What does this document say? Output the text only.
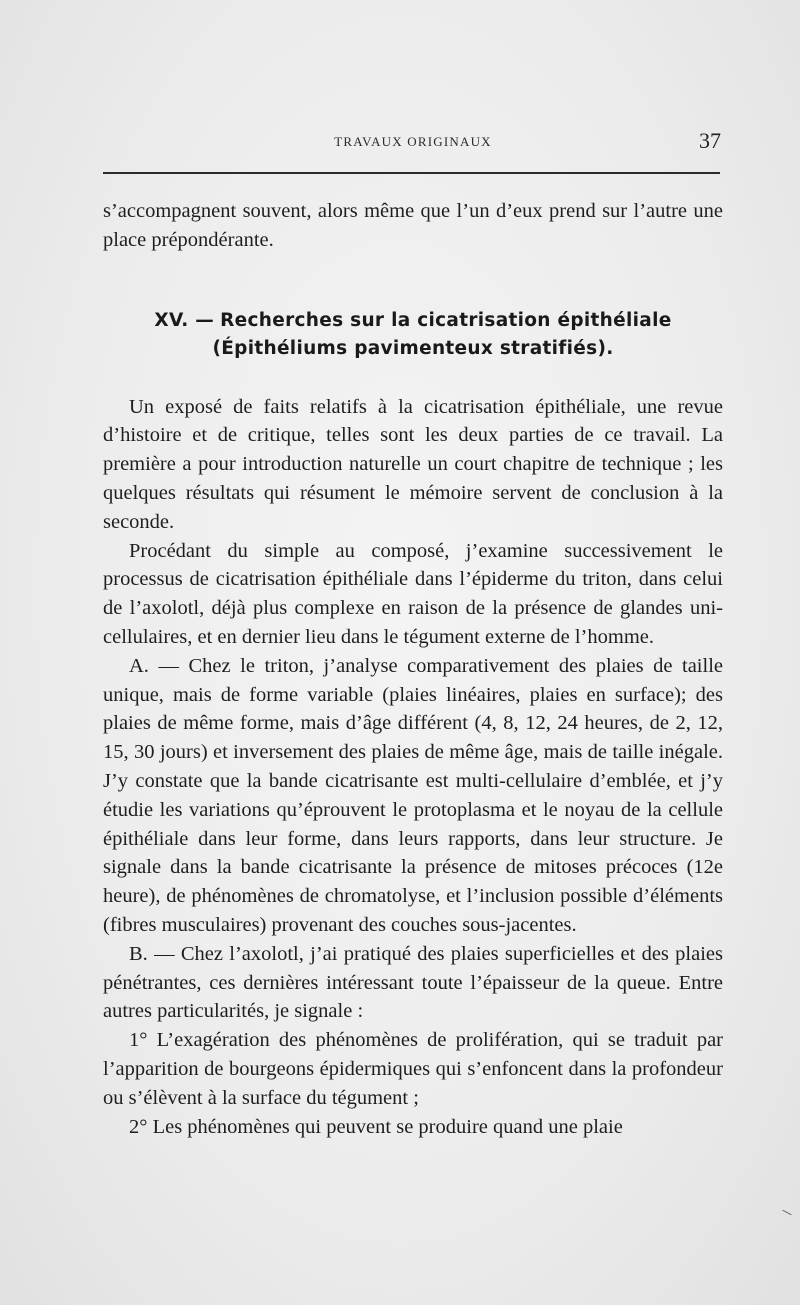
TRAVAUX ORIGINAUX	37

s’accompagnent souvent, alors même que l’un d’eux prend sur l’autre une place prépondérante.

XV. — Recherches sur la cicatrisation épithéliale
(Épithéliums pavimenteux stratifiés).

Un exposé de faits relatifs à la cicatrisation épithéliale, une revue d’histoire et de critique, telles sont les deux parties de ce travail. La première a pour introduction naturelle un court chapitre de technique ; les quelques résultats qui résument le mémoire servent de conclusion à la seconde.

Procédant du simple au composé, j’examine successivement le processus de cicatrisation épithéliale dans l’épiderme du triton, dans celui de l’axolotl, déjà plus complexe en raison de la présence de glandes uni-cellulaires, et en dernier lieu dans le tégument externe de l’homme.

A. — Chez le triton, j’analyse comparativement des plaies de taille unique, mais de forme variable (plaies linéaires, plaies en surface); des plaies de même forme, mais d’âge différent (4, 8, 12, 24 heures, de 2, 12, 15, 30 jours) et inversement des plaies de même âge, mais de taille inégale. J’y constate que la bande cicatrisante est multi-cellulaire d’emblée, et j’y étudie les variations qu’éprouvent le protoplasma et le noyau de la cellule épithéliale dans leur forme, dans leurs rapports, dans leur structure. Je signale dans la bande cicatrisante la présence de mitoses précoces (12e heure), de phénomènes de chromatolyse, et l’inclusion possible d’éléments (fibres musculaires) provenant des couches sous-jacentes.

B. — Chez l’axolotl, j’ai pratiqué des plaies superficielles et des plaies pénétrantes, ces dernières intéressant toute l’épaisseur de la queue. Entre autres particularités, je signale :

1° L’exagération des phénomènes de prolifération, qui se traduit par l’apparition de bourgeons épidermiques qui s’enfoncent dans la profondeur ou s’élèvent à la surface du tégument ;

2° Les phénomènes qui peuvent se produire quand une plaie
